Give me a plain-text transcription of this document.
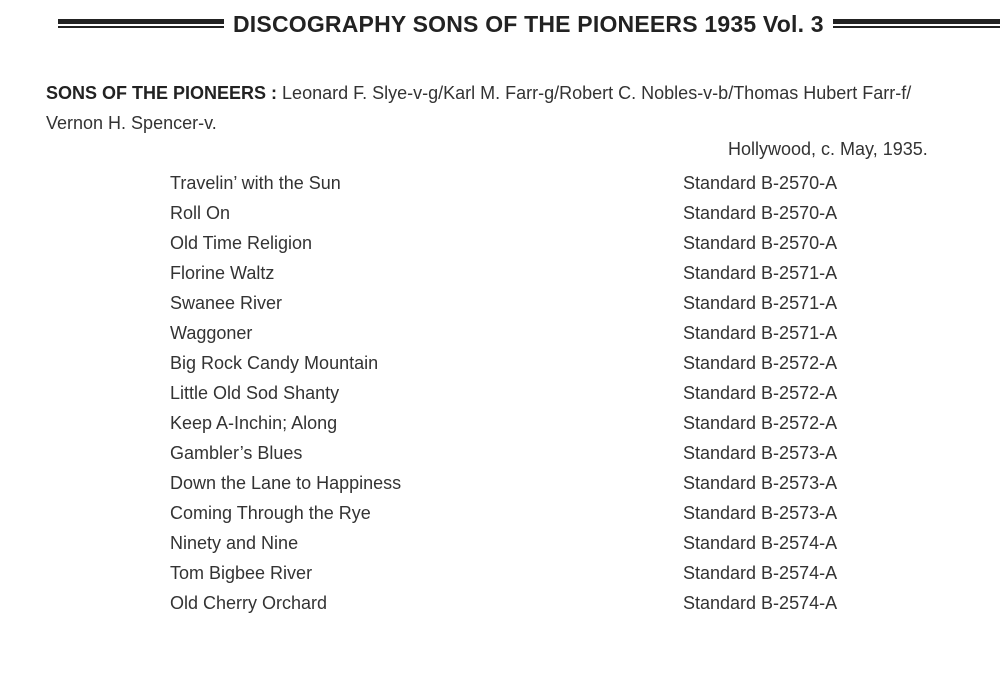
DISCOGRAPHY SONS OF THE PIONEERS 1935 Vol. 3
SONS OF THE PIONEERS : Leonard F. Slye-v-g/Karl M. Farr-g/Robert C. Nobles-v-b/Thomas Hubert Farr-f/
Vernon H. Spencer-v.
Hollywood, c. May, 1935.
Travelin’ with the Sun	Standard B-2570-A
Roll On	Standard B-2570-A
Old Time Religion	Standard B-2570-A
Florine Waltz	Standard B-2571-A
Swanee River	Standard B-2571-A
Waggoner	Standard B-2571-A
Big Rock Candy Mountain	Standard B-2572-A
Little Old Sod Shanty	Standard B-2572-A
Keep A-Inchin; Along	Standard B-2572-A
Gambler’s Blues	Standard B-2573-A
Down the Lane to Happiness	Standard B-2573-A
Coming Through the Rye	Standard B-2573-A
Ninety and Nine	Standard B-2574-A
Tom Bigbee River	Standard B-2574-A
Old Cherry Orchard	Standard B-2574-A
